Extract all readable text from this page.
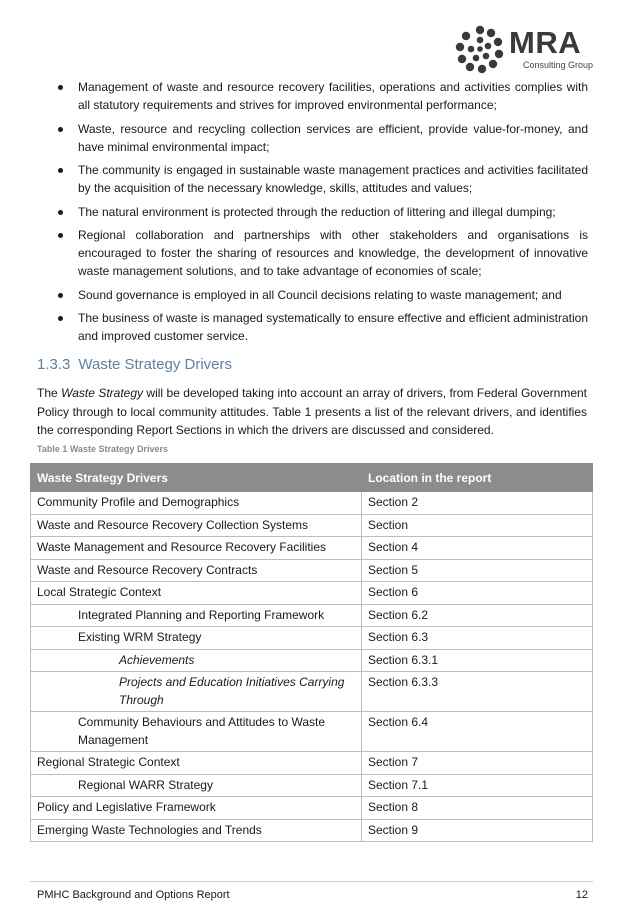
MRA
Consulting Group
Management of waste and resource recovery facilities, operations and activities complies with all statutory requirements and strives for improved environmental performance;
Waste, resource and recycling collection services are efficient, provide value-for-money, and have minimal environmental impact;
The community is engaged in sustainable waste management practices and activities facilitated by the acquisition of the necessary knowledge, skills, attitudes and values;
The natural environment is protected through the reduction of littering and illegal dumping;
Regional collaboration and partnerships with other stakeholders and organisations is encouraged to foster the sharing of resources and knowledge, the development of innovative waste management solutions, and to take advantage of economies of scale;
Sound governance is employed in all Council decisions relating to waste management; and
The business of waste is managed systematically to ensure effective and efficient administration and improved customer service.
1.3.3 Waste Strategy Drivers

The Waste Strategy will be developed taking into account an array of drivers, from Federal Government Policy through to local community attitudes. Table 1 presents a list of the relevant drivers, and identifies the corresponding Report Sections in which the drivers are discussed and considered.

Table 1 Waste Strategy Drivers
Waste Strategy Drivers	Location in the report
Community Profile and Demographics	Section 2
Waste and Resource Recovery Collection Systems	Section
Waste Management and Resource Recovery Facilities	Section 4
Waste and Resource Recovery Contracts	Section 5
Local Strategic Context	Section 6
Integrated Planning and Reporting Framework	Section 6.2
Existing WRM Strategy	Section 6.3
Achievements	Section 6.3.1
Projects and Education Initiatives Carrying Through	Section 6.3.3
Community Behaviours and Attitudes to Waste Management	Section 6.4
Regional Strategic Context	Section 7
Regional WARR Strategy	Section 7.1
Policy and Legislative Framework	Section 8
Emerging Waste Technologies and Trends	Section 9
PMHC Background and Options Report	12
